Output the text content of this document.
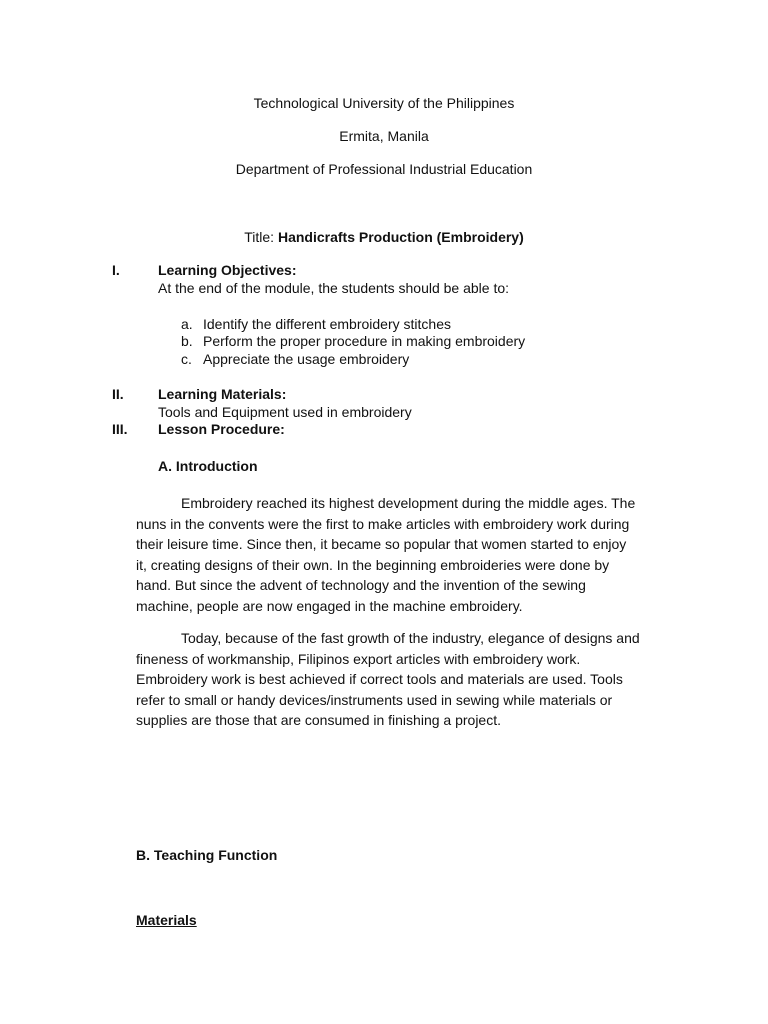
Technological University of the Philippines
Ermita, Manila
Department of Professional Industrial Education
Title: Handicrafts Production (Embroidery)
I.	Learning Objectives:
At the end of the module, the students should be able to:
a. Identify the different embroidery stitches
b. Perform the proper procedure in making embroidery
c. Appreciate the usage embroidery
II. Learning Materials:
Tools and Equipment used in embroidery
III. Lesson Procedure:
A. Introduction
Embroidery reached its highest development during the middle ages. The
nuns in the convents were the first to make articles with embroidery work during
their leisure time. Since then, it became so popular that women started to enjoy
it, creating designs of their own. In the beginning embroideries were done by
hand. But since the advent of technology and the invention of the sewing
machine, people are now engaged in the machine embroidery.
Today, because of the fast growth of the industry, elegance of designs and
fineness of workmanship, Filipinos export articles with embroidery work.
Embroidery work is best achieved if correct tools and materials are used. Tools
refer to small or handy devices/instruments used in sewing while materials or
supplies are those that are consumed in finishing a project.
B. Teaching Function
Materials
